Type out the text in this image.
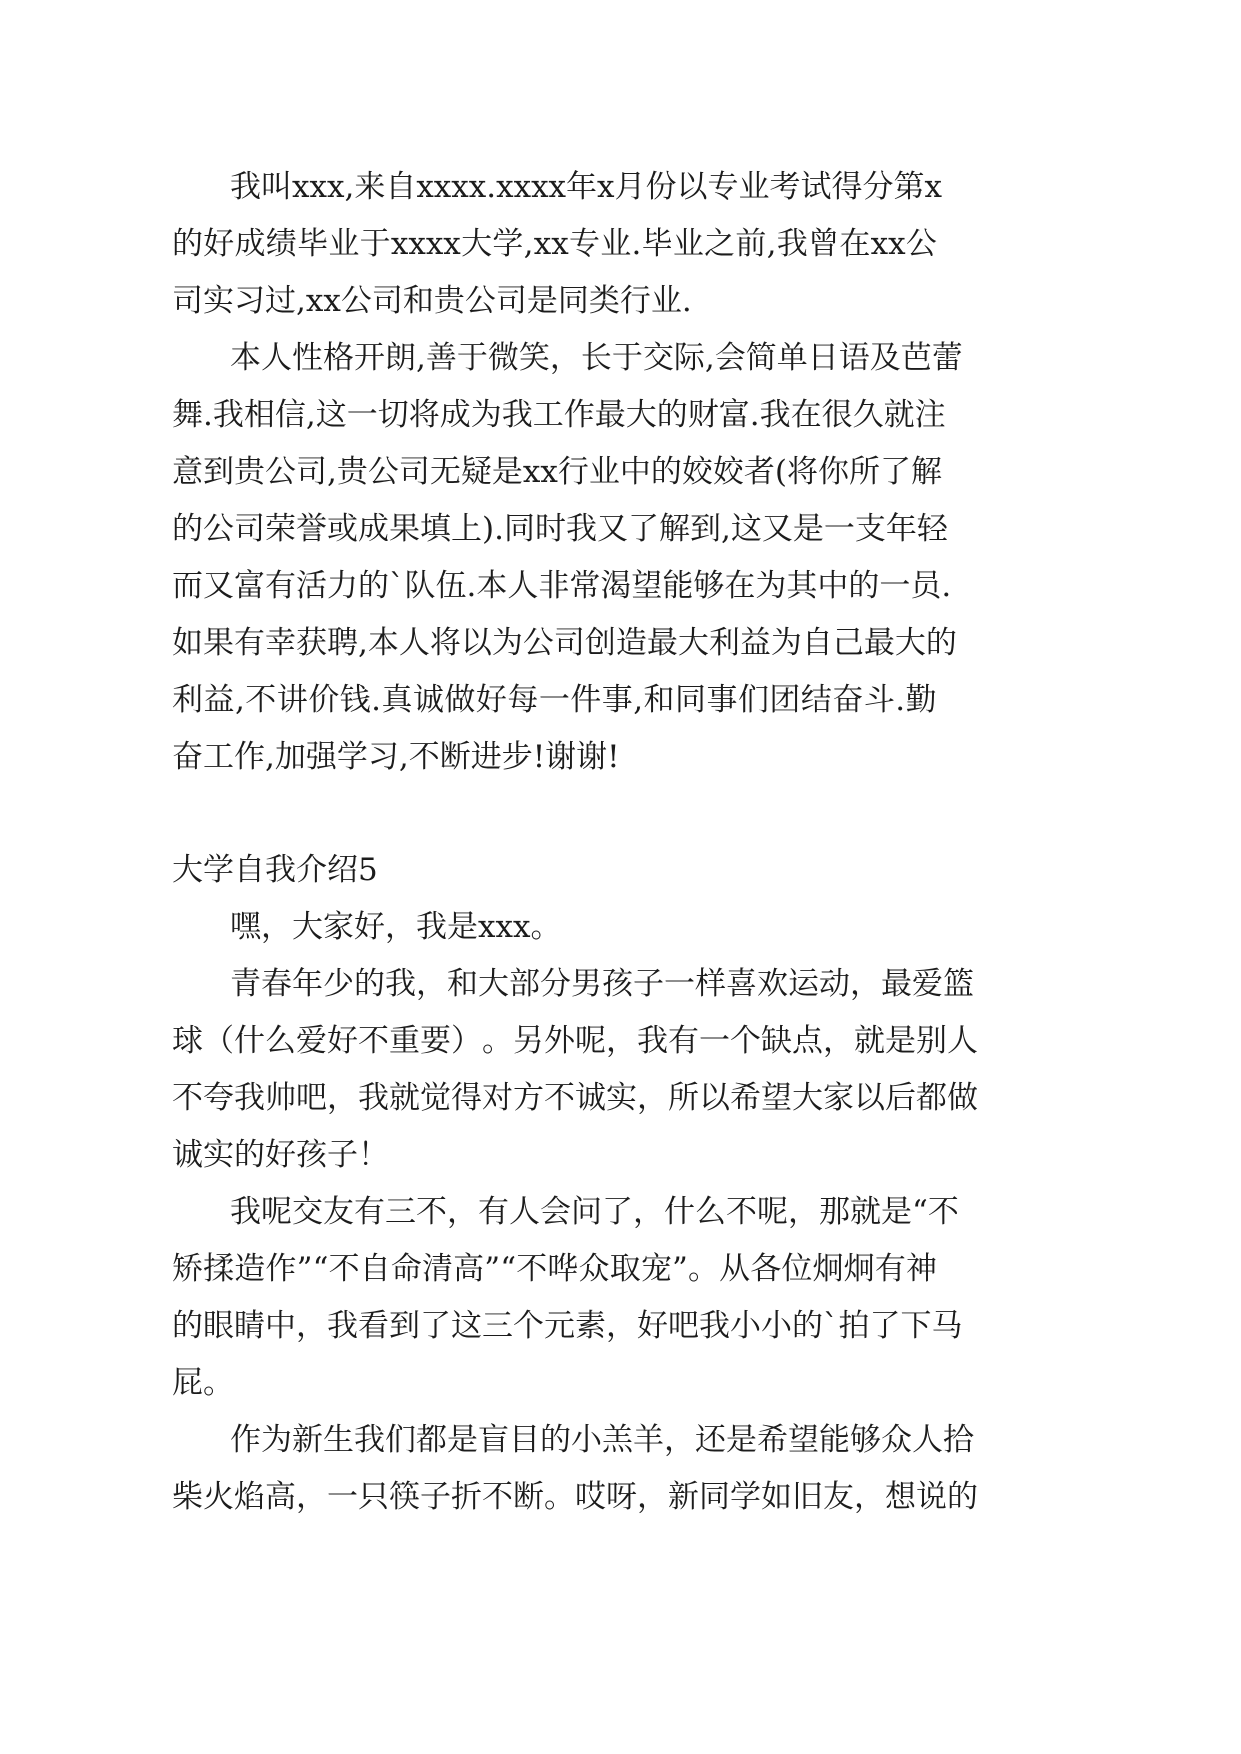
我 叫 xxx , 来 自 xxxx . xxxx 年 x 月 份 以 专 业 考 试 得 分 第 x
的 好 成 绩 毕 业 于 xxxx 大 学 , xx 专 业 . 毕 业 之 前 , 我 曾 在 xx 公
司实习过,xx公司和贵公司是同类行业.
本 人 性 格 开 朗 , 善 于 微 笑 ， 长 于 交 际 , 会 简 单 日 语 及 芭 蕾
舞 . 我 相 信 , 这 一 切 将 成 为 我 工 作 最 大 的 财 富 . 我 在 很 久 就 注
意 到 贵 公 司 , 贵 公 司 无 疑 是 xx 行 业 中 的 姣 姣 者 ( 将 你 所 了 解
的 公 司 荣 誉 或 成 果 填 上 ) . 同 时 我 又 了 解 到 , 这 又 是 一 支 年 轻
而 又 富 有 活 力 的 ` 队 伍 . 本 人 非 常 渴 望 能 够 在 为 其 中 的 一 员 .
如 果 有 幸 获 聘 , 本 人 将 以 为 公 司 创 造 最 大 利 益 为 自 己 最 大 的
利 益 , 不 讲 价 钱 . 真 诚 做 好 每 一 件 事 , 和 同 事 们 团 结 奋 斗 . 勤
奋工作,加强学习,不断进步!谢谢!
大学自我介绍5
嘿，大家好，我是xxx。
青 春 年 少 的 我 ， 和 大 部 分 男 孩 子 一 样 喜 欢 运 动 ， 最 爱 篮
球 （ 什 么 爱 好 不 重 要 ） 。 另 外 呢 ， 我 有 一 个 缺 点 ， 就 是 别 人
不 夸 我 帅 吧 ， 我 就 觉 得 对 方 不 诚 实 ， 所 以 希 望 大 家 以 后 都 做
诚实的好孩子！
我 呢 交 友 有 三 不 ， 有 人 会 问 了 ， 什 么 不 呢 ， 那 就 是 “ 不
矫 揉 造 作 ” “ 不 自 命 清 高 ” “ 不 哗 众 取 宠 ” 。 从 各 位 炯 炯 有 神
的 眼 睛 中 ， 我 看 到 了 这 三 个 元 素 ， 好 吧 我 小 小 的 ` 拍 了 下 马
屁。
作 为 新 生 我 们 都 是 盲 目 的 小 羔 羊 ， 还 是 希 望 能 够 众 人 拾
柴 火 焰 高 ， 一 只 筷 子 折 不 断 。 哎 呀 ， 新 同 学 如 旧 友 ， 想 说 的
